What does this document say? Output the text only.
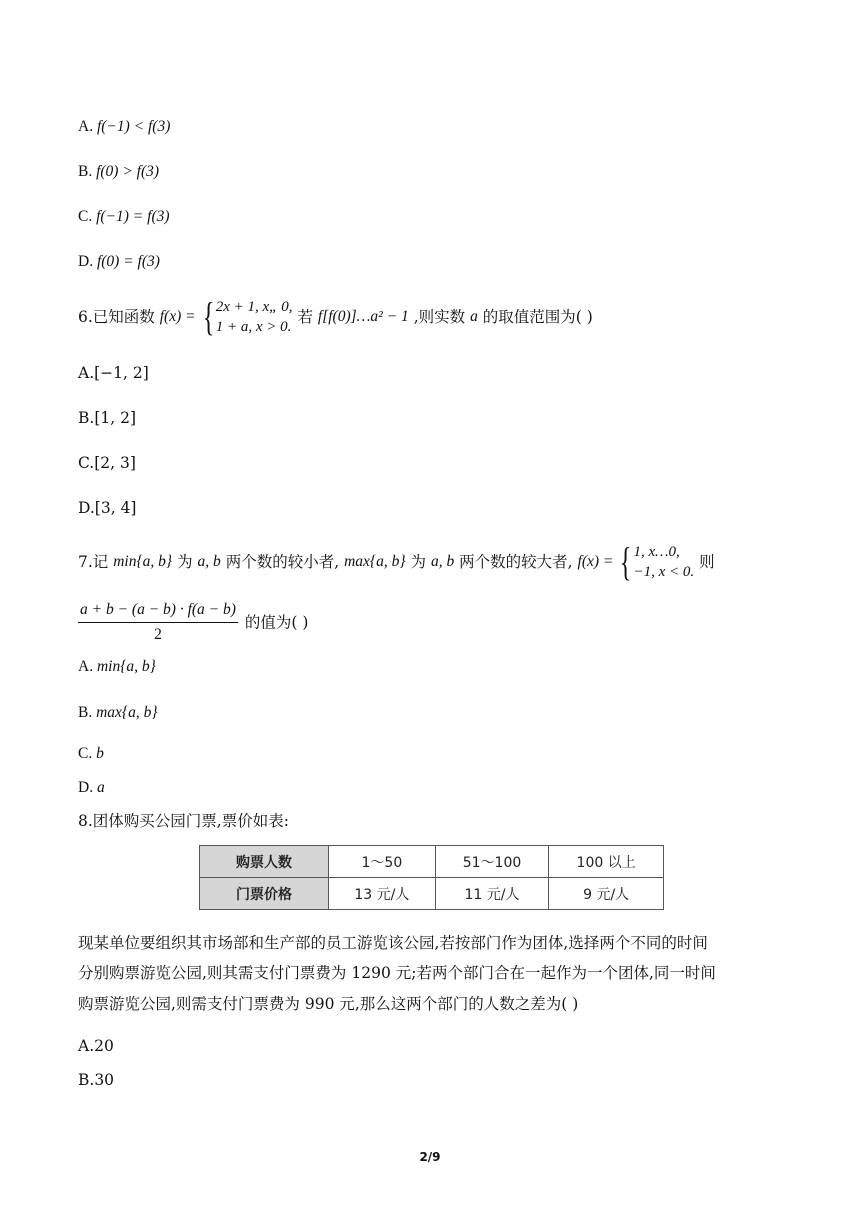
A. f(−1) < f(3)
B. f(0) > f(3)
C. f(−1) = f(3)
D. f(0) = f(3)
6.已知函数 f(x) = { 2x + 1, x„ 0,
1 + a, x > 0.
若 f[f(0)]…a² − 1 ,则实数 a 的取值范围为( )
A.[−1, 2]
B.[1, 2]
C.[2, 3]
D.[3, 4]
7.记 min{a, b} 为 a, b 两个数的较小者, max{a, b} 为 a, b 两个数的较大者, f(x) = { 1, x…0,
−1, x < 0.
则
$\frac{a + b - (a - b) \cdot f(a - b)}{2}$ 的值为( )
A. min{a, b}
B. max{a, b}
C. b
D. a
8.团体购买公园门票,票价如表:
购票人数	1～50	51～100	100 以上
门票价格	13 元/人	11 元/人	9 元/人
现某单位要组织其市场部和生产部的员工游览该公园,若按部门作为团体,选择两个不同的时间
分别购票游览公园,则其需支付门票费为 1290 元;若两个部门合在一起作为一个团体,同一时间
购票游览公园,则需支付门票费为 990 元,那么这两个部门的人数之差为( )
A.20
B.30
2/9
